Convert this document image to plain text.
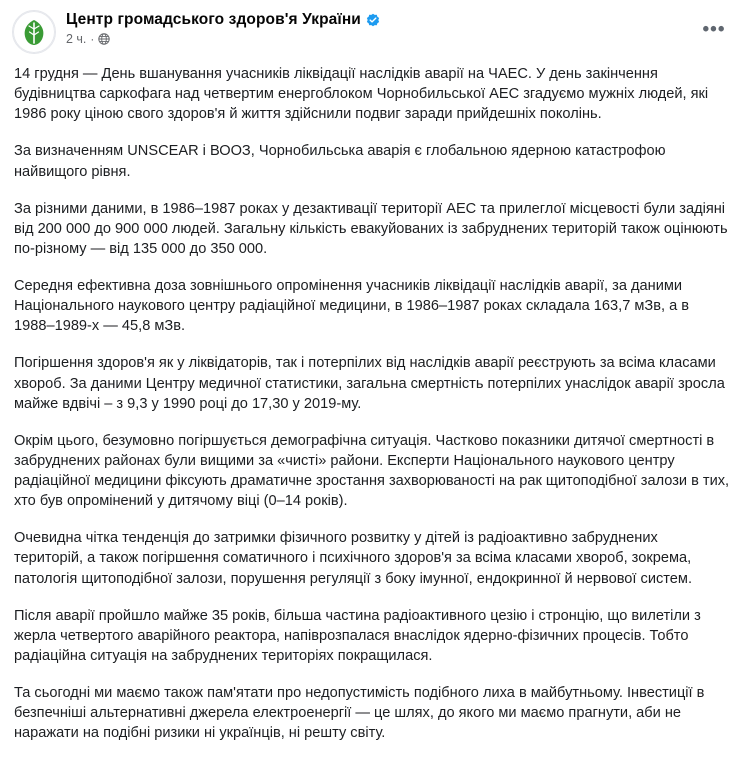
Центр громадського здоров'я України
2 ч. ·	•••

14 грудня — День вшанування учасників ліквідації наслідків аварії на ЧАЕС. У день закінчення будівництва саркофага над четвертим енергоблоком Чорнобильської АЕС згадуємо мужніх людей, які 1986 року ціною свого здоров'я й життя здійснили подвиг заради прийдешніх поколінь.

За визначенням UNSCEAR і ВООЗ, Чорнобильська аварія є глобальною ядерною катастрофою найвищого рівня.

За різними даними, в 1986–1987 роках у дезактивації території АЕС та прилеглої місцевості були задіяні від 200 000 до 900 000 людей. Загальну кількість евакуйованих із забруднених територій також оцінюють по-різному — від 135 000 до 350 000.

Середня ефективна доза зовнішнього опромінення учасників ліквідації наслідків аварії, за даними Національного наукового центру радіаційної медицини, в 1986–1987 роках складала 163,7 мЗв, а в 1988–1989-х — 45,8 мЗв.

Погіршення здоров'я як у ліквідаторів, так і потерпілих від наслідків аварії реєструють за всіма класами хвороб. За даними Центру медичної статистики, загальна смертність потерпілих унаслідок аварії зросла майже вдвічі – з 9,3 у 1990 році до 17,30 у 2019-му.

Окрім цього, безумовно погіршується демографічна ситуація. Частково показники дитячої смертності в забруднених районах були вищими за «чисті» райони. Експерти Національного наукового центру радіаційної медицини фіксують драматичне зростання захворюваності на рак щитоподібної залози в тих, хто був опромінений у дитячому віці (0–14 років).

Очевидна чітка тенденція до затримки фізичного розвитку у дітей із радіоактивно забруднених територій, а також погіршення соматичного і психічного здоров'я за всіма класами хвороб, зокрема, патологія щитоподібної залози, порушення регуляції з боку імунної, ендокринної й нервової систем.

Після аварії пройшло майже 35 років, більша частина радіоактивного цезію і стронцію, що вилетіли з жерла четвертого аварійного реактора, напіврозпалася внаслідок ядерно-фізичних процесів. Тобто радіаційна ситуація на забруднених територіях покращилася.

Та сьогодні ми маємо також пам'ятати про недопустимість подібного лиха в майбутньому. Інвестиції в безпечніші альтернативні джерела електроенергії — це шлях, до якого ми маємо прагнути, аби не наражати на подібні ризики ні українців, ні решту світу.
